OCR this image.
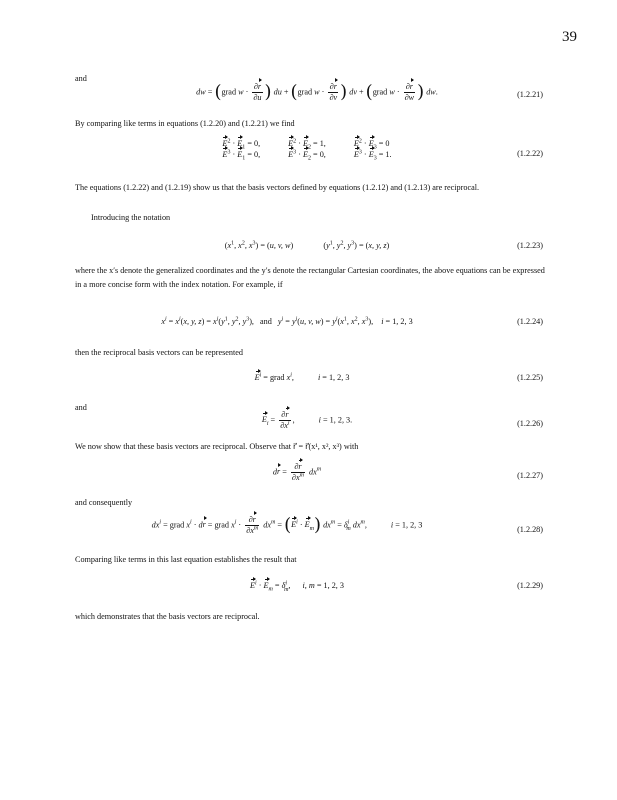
39
and
dw = (grad $w \cdot \frac{\partial r}{\partial u}$ ) du + (grad $w \cdot \frac{\partial r}{\partial v}$ ) dv + (grad $w \cdot \frac{\partial r}{\partial w}$ ) dw.	(1.2.21)
By comparing like terms in equations (1.2.20) and (1.2.21) we find
$E^2 \cdot E_1 = 0$,	$E^2 \cdot E_2 = 1$,	$E^2 \cdot E_3 = 0$
$E^3 \cdot E_1 = 0$,	$E^3 \cdot E_2 = 0$,	$E^3 \cdot E_3 = 1$.	(1.2.22)
The equations (1.2.22) and (1.2.19) show us that the basis vectors defined by equations (1.2.12) and (1.2.13) are reciprocal.
Introducing the notation
($x^1$, $x^2$, $x^3) = (u$, v, w)	($y^1$, $y^2$, $y^3) = (x$, y, z)	(1.2.23)
where the x′s denote the generalized coordinates and the y′s denote the rectangular Cartesian coordinates, the above equations can be expressed in a more concise form with the index notation. For example, if
$x^i = x^i(x$, y, $z) = x^i(y^1$, $y^2$, $y^3$), and $y^i = y^i(u$, v, $w) = y^i(x^1$, $x^2$, $x^3$), i = 1, 2, 3	(1.2.24)
then the reciprocal basis vectors can be represented
$E^i$ = grad $x^i$,	i = 1, 2, 3	(1.2.25)
and
$E_i = \frac{\partial r}{\partial x^i}$ ,	i = 1, 2, 3.	(1.2.26)
We now show that these basis vectors are reciprocal. Observe that r⃗ = r⃗(x¹, x², x³) with
dr = $\frac{\partial r}{\partial x^m} dx^m$
(1.2.27)
and consequently
$dx^i$ = grad $x^i$ · dr = grad $x^i \cdot \frac{\partial r}{\partial x^m} dx^m = (E^i \cdot E_m) dx^m = \delta^i_m$ $dx^m$,	i = 1, 2, 3
(1.2.28)
Comparing like terms in this last equation establishes the result that
$E^i \cdot E_m = \delta^i_m$, i, m = 1, 2, 3	(1.2.29)
which demonstrates that the basis vectors are reciprocal.
